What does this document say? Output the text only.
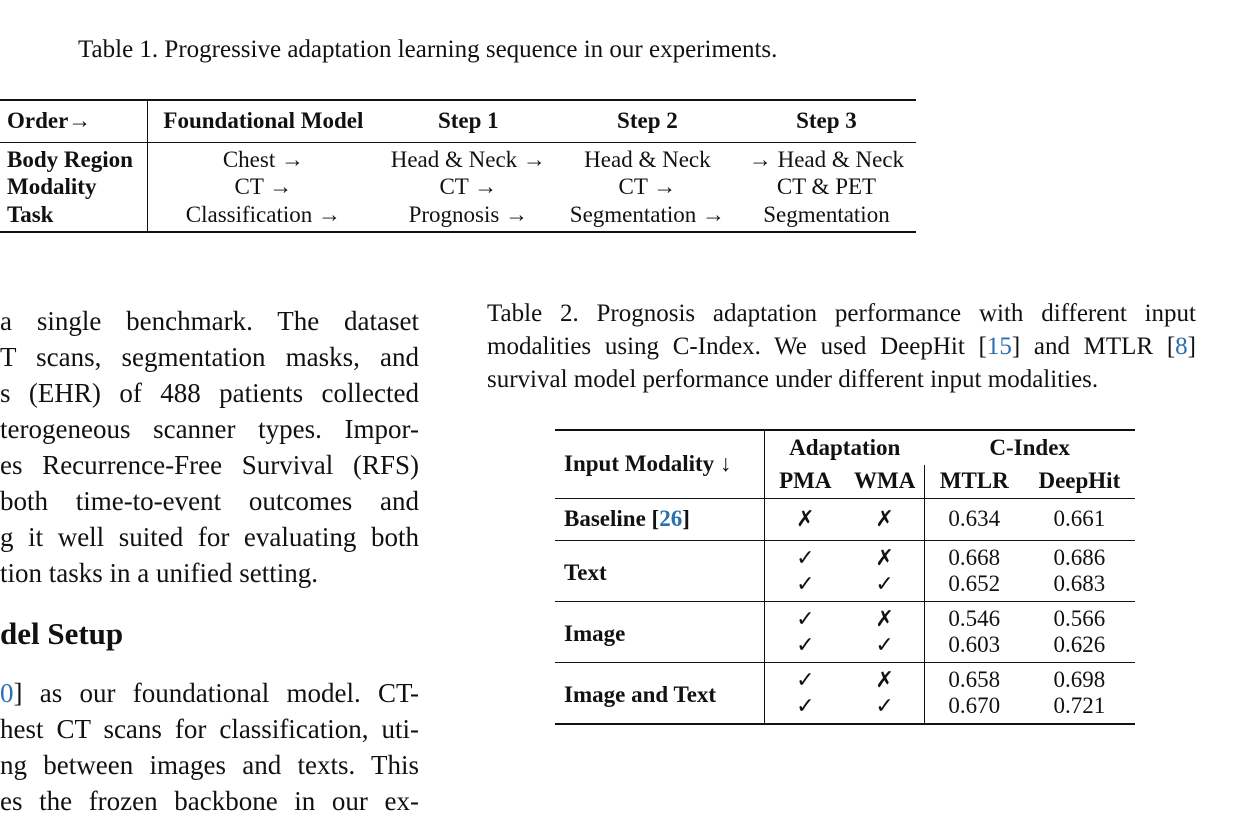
Table 1. Progressive adaptation learning sequence in our experiments.
Order→	Foundational Model	Step 1	Step 2	Step 3
Body Region	Chest →	Head & Neck →	Head & Neck	→ Head & Neck
Modality	CT →	CT →	CT →	CT & PET
Task	Classification →	Prognosis →	Segmentation →	Segmentation
a single benchmark. The dataset
T scans, segmentation masks, and
s (EHR) of 488 patients collected
terogeneous scanner types. Impor-
es Recurrence-Free Survival (RFS)
both time-to-event outcomes and
g it well suited for evaluating both
tion tasks in a unified setting.
del Setup
0] as our foundational model. CT-
hest CT scans for classification, uti-
ng between images and texts. This
es the frozen backbone in our ex-
Table 2. Prognosis adaptation performance with different input
modalities using C-Index. We used DeepHit [15] and MTLR [8]
survival model performance under different input modalities.
Input Modality ↓	Adaptation		C-Index	
	PMA	WMA	MTLR	DeepHit
Baseline [26]	✗	✗	0.634	0.661
Text	✓	✗	0.668	0.686
	✓	✓	0.652	0.683
Image	✓	✗	0.546	0.566
	✓	✓	0.603	0.626
Image and Text	✓	✗	0.658	0.698
	✓	✓	0.670	0.721
